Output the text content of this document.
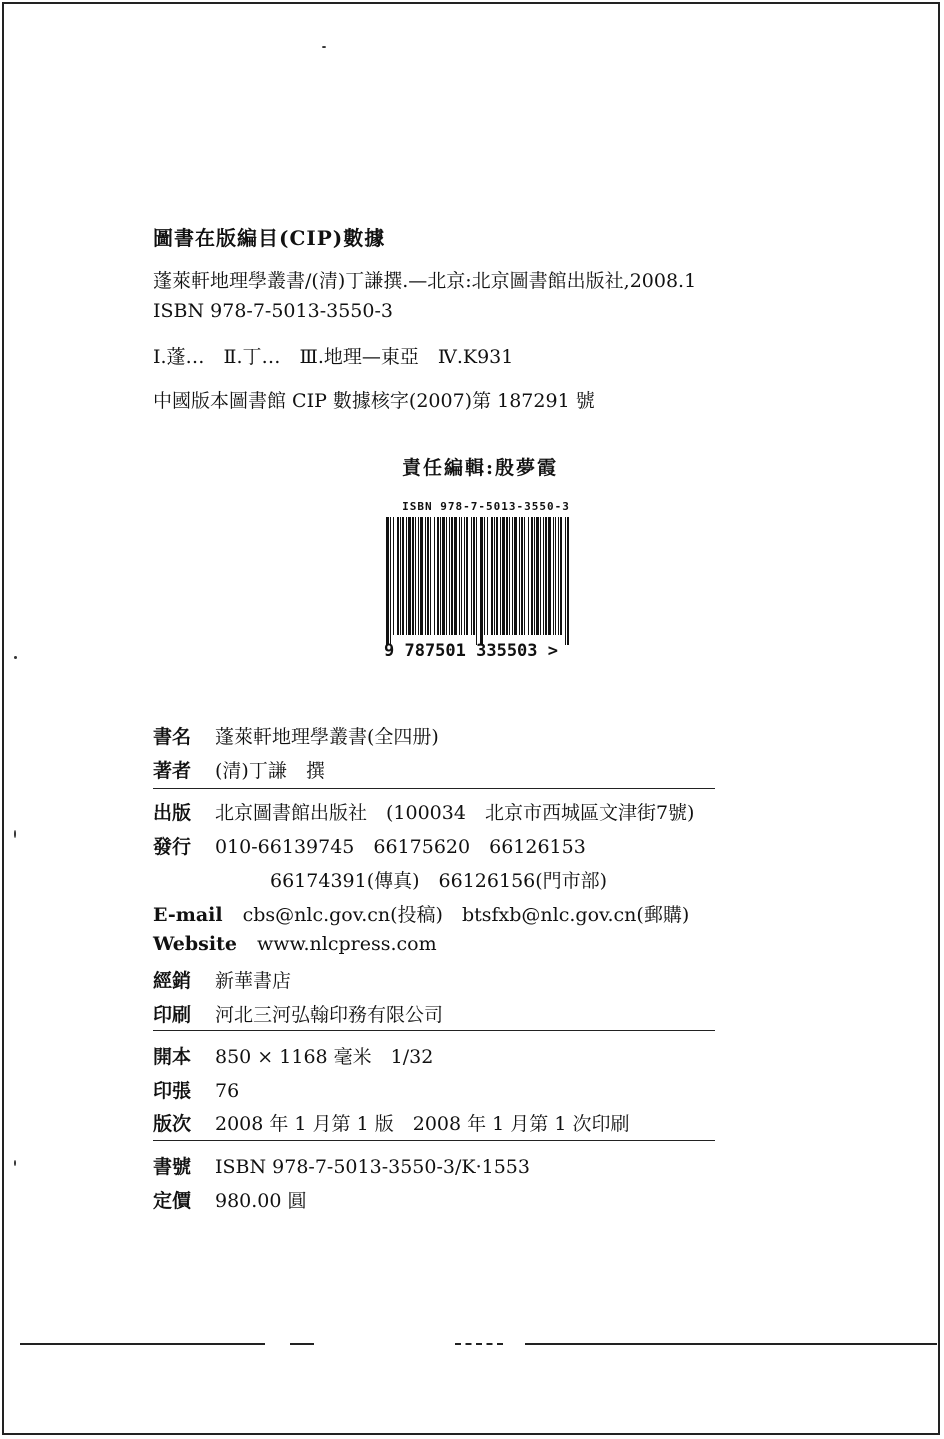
圖書在版編目(CIP)數據
蓬萊軒地理學叢書/(清)丁謙撰.—北京:北京圖書館出版社,2008.1
ISBN 978-7-5013-3550-3
Ⅰ.蓬…　Ⅱ.丁…　Ⅲ.地理—東亞　Ⅳ.K931
中國版本圖書館 CIP 數據核字(2007)第 187291 號
責任編輯:殷夢霞
ISBN 978-7-5013-3550-3
9 787501 335503 >
書名	蓬萊軒地理學叢書(全四册)
著者	(清)丁謙　撰
出版	北京圖書館出版社　(100034　北京市西城區文津街7號)
發行	010-66139745　66175620　66126153
66174391(傳真)　66126156(門市部)
E-mail cbs@nlc.gov.cn(投稿)　btsfxb@nlc.gov.cn(郵購)
Website www.nlcpress.com
經銷	新華書店
印刷	河北三河弘翰印務有限公司
開本	850 × 1168 毫米　1/32
印張	76
版次	2008 年 1 月第 1 版　2008 年 1 月第 1 次印刷
書號	ISBN 978-7-5013-3550-3/K·1553
定價	980.00 圓
